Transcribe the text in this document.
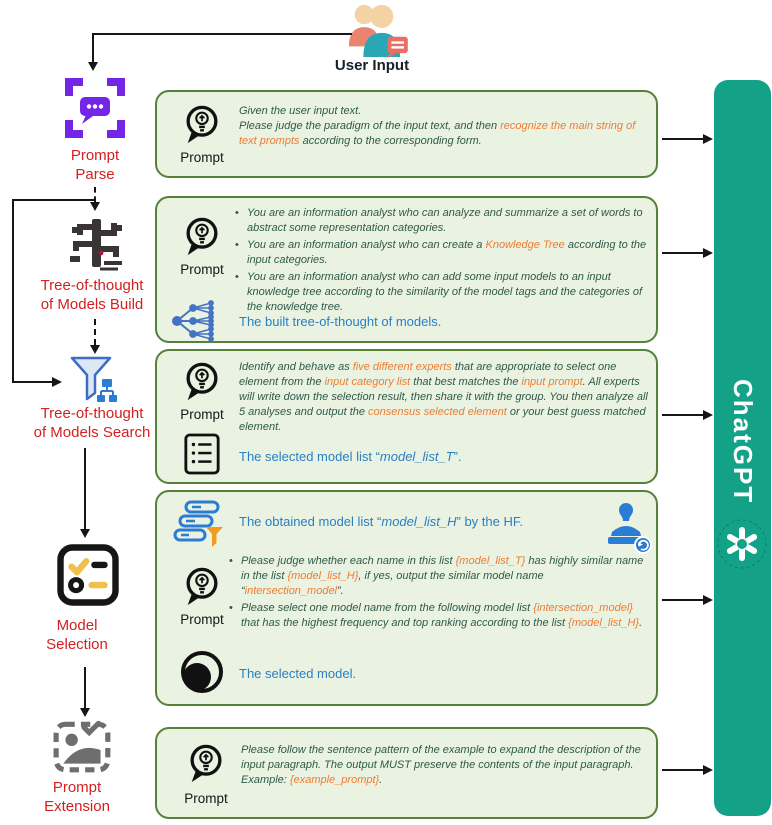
User Input
Prompt
Parse
Tree-of-thought
of Models Build
Tree-of-thought
of Models Search
Model
Selection
Prompt
Extension
Prompt
Given the user input text.
Please judge the paradigm of the input text, and then recognize the main string of text prompts according to the corresponding form.
Prompt
• You are an information analyst who can analyze and summarize a set of words to abstract some representation categories.
• You are an information analyst who can create a Knowledge Tree according to the input categories.
• You are an information analyst who can add some input models to an input knowledge tree according to the similarity of the model tags and the categories of the knowledge tree.
The built tree-of-thought of models.
Prompt
Identify and behave as five different experts that are appropriate to select one element from the input category list that best matches the input prompt. All experts will write down the selection result, then share it with the group. You then analyze all 5 analyses and output the consensus selected element or your best guess matched element.
The selected model list “model_list_T”.
The obtained model list “model_list_H” by the HF.
Prompt
• Please judge whether each name in this list {model_list_T} has highly similar name in the list {model_list_H}, if yes, output the similar model name “intersection_model”.
• Please select one model name from the following model list {intersection_model} that has the highest frequency and top ranking according to the list {model_list_H}.
The selected model.
Prompt
Please follow the sentence pattern of the example to expand the description of the input paragraph. The output MUST preserve the contents of the input paragraph. Example: {example_prompt}.
ChatGPT
